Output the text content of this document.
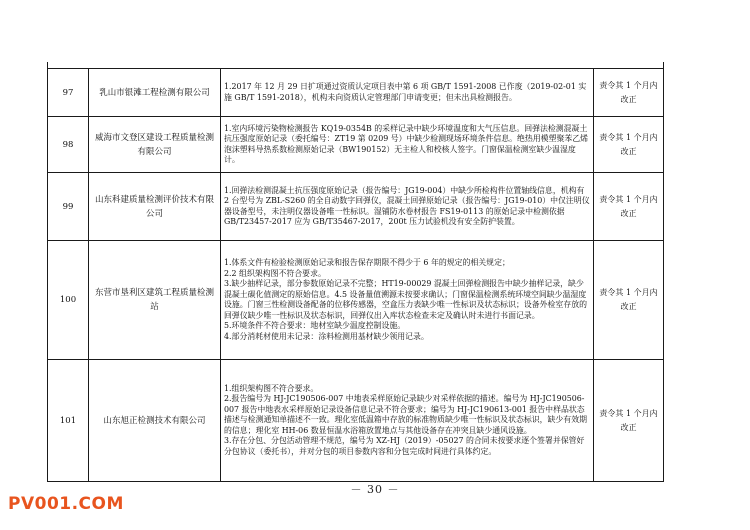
97	乳山市银滩工程检测有限公司	1.2017 年 12 月 29 日扩项通过资质认定项目表中第 6 项 GB/T 1591-2008 已作废（2019-02-01 实施 GB/T 1591-2018），机构未向资质认定管理部门申请变更；但未出具检测报告。	责令其 1 个月内改正
98	威海市文登区建设工程质量检测有限公司	1.室内环境污染物检测报告 KQ19-0354B 的采样记录中缺少环境温度和大气压信息。回弹法检测混凝土抗压强度原始记录（委托编号：ZT19 第 0209 号）中缺少检测现场环境条件信息。绝热用模塑聚苯乙烯泡沫塑料导热系数检测原始记录（BW190152）无主检人和校核人签字。门窗保温检测室缺少温湿度计。	责令其 1 个月内改正
99	山东科建质量检测评价技术有限公司	1.回弹法检测混凝土抗压强度原始记录（报告编号：JG19-004）中缺少所检构件位置轴线信息，机构有 2 台型号为 ZBL-S260 的全自动数字回弹仪，混凝土回弹原始记录（报告编号：JG19-010）中仅注明仪器设备型号，未注明仪器设备唯一性标识。湿铺防水卷材报告 FS19-0113 的原始记录中检测依据 GB/T23457-2017 应为 GB/T35467-2017，200t 压力试验机没有安全防护装置。	责令其 1 个月内改正
100	东营市垦利区建筑工程质量检测站	1.体系文件有检验检测原始记录和报告保存期限不得少于 6 年的规定的相关规定；
2.2 组织架构图不符合要求。
3.缺少抽样记录，部分参数原始记录不完整；HT19-00029 混凝土回弹检测报告中缺少抽样记录，缺少混凝土碳化值测定的原始信息。4.5 设备量值溯源未按要求确认；门窗保温检测系统环境空间缺少温湿度设施。门窗三性检测设备配备的位移传感器，空盒压力表缺少唯一性标识及状态标识；设备外检室存放的回弹仪缺少唯一性标识及状态标识，回弹仪出入库状态检查未定及确认时未进行书面记录。
5.环境条件不符合要求：地材室缺少温度控制设施。
4.部分消耗材使用未记录：涂料检测用基材缺少领用记录。	责令其 1 个月内改正
101	山东旭正检测技术有限公司	1.组织架构图不符合要求。
2.报告编号为 HJ-JC190506-007 中地表采样原始记录缺少对采样依据的描述。编号为 HJ-JC190506-007 报告中地表水采样原始记录设备信息记录不符合要求；编号为 HJ-JC190613-001 报告中样品状态描述与检测通知单描述不一致。理化室低温箱中存放的标准物质缺少唯一性标识及状态标识，缺少有效期的信息；理化室 HH-06 数显恒温水浴箱放置地点与其他设备存在冲突且缺少通风设施。
3.存在分包、分包活动管理不规范，编号为 XZ-HJ（2019）-05027 的合同未按要求逐个签署并保管好分包协议（委托书），并对分包的项目参数内容和分包完成时间进行具体约定。	责令其 1 个月内改正
－ 30 －
PV001.COM
